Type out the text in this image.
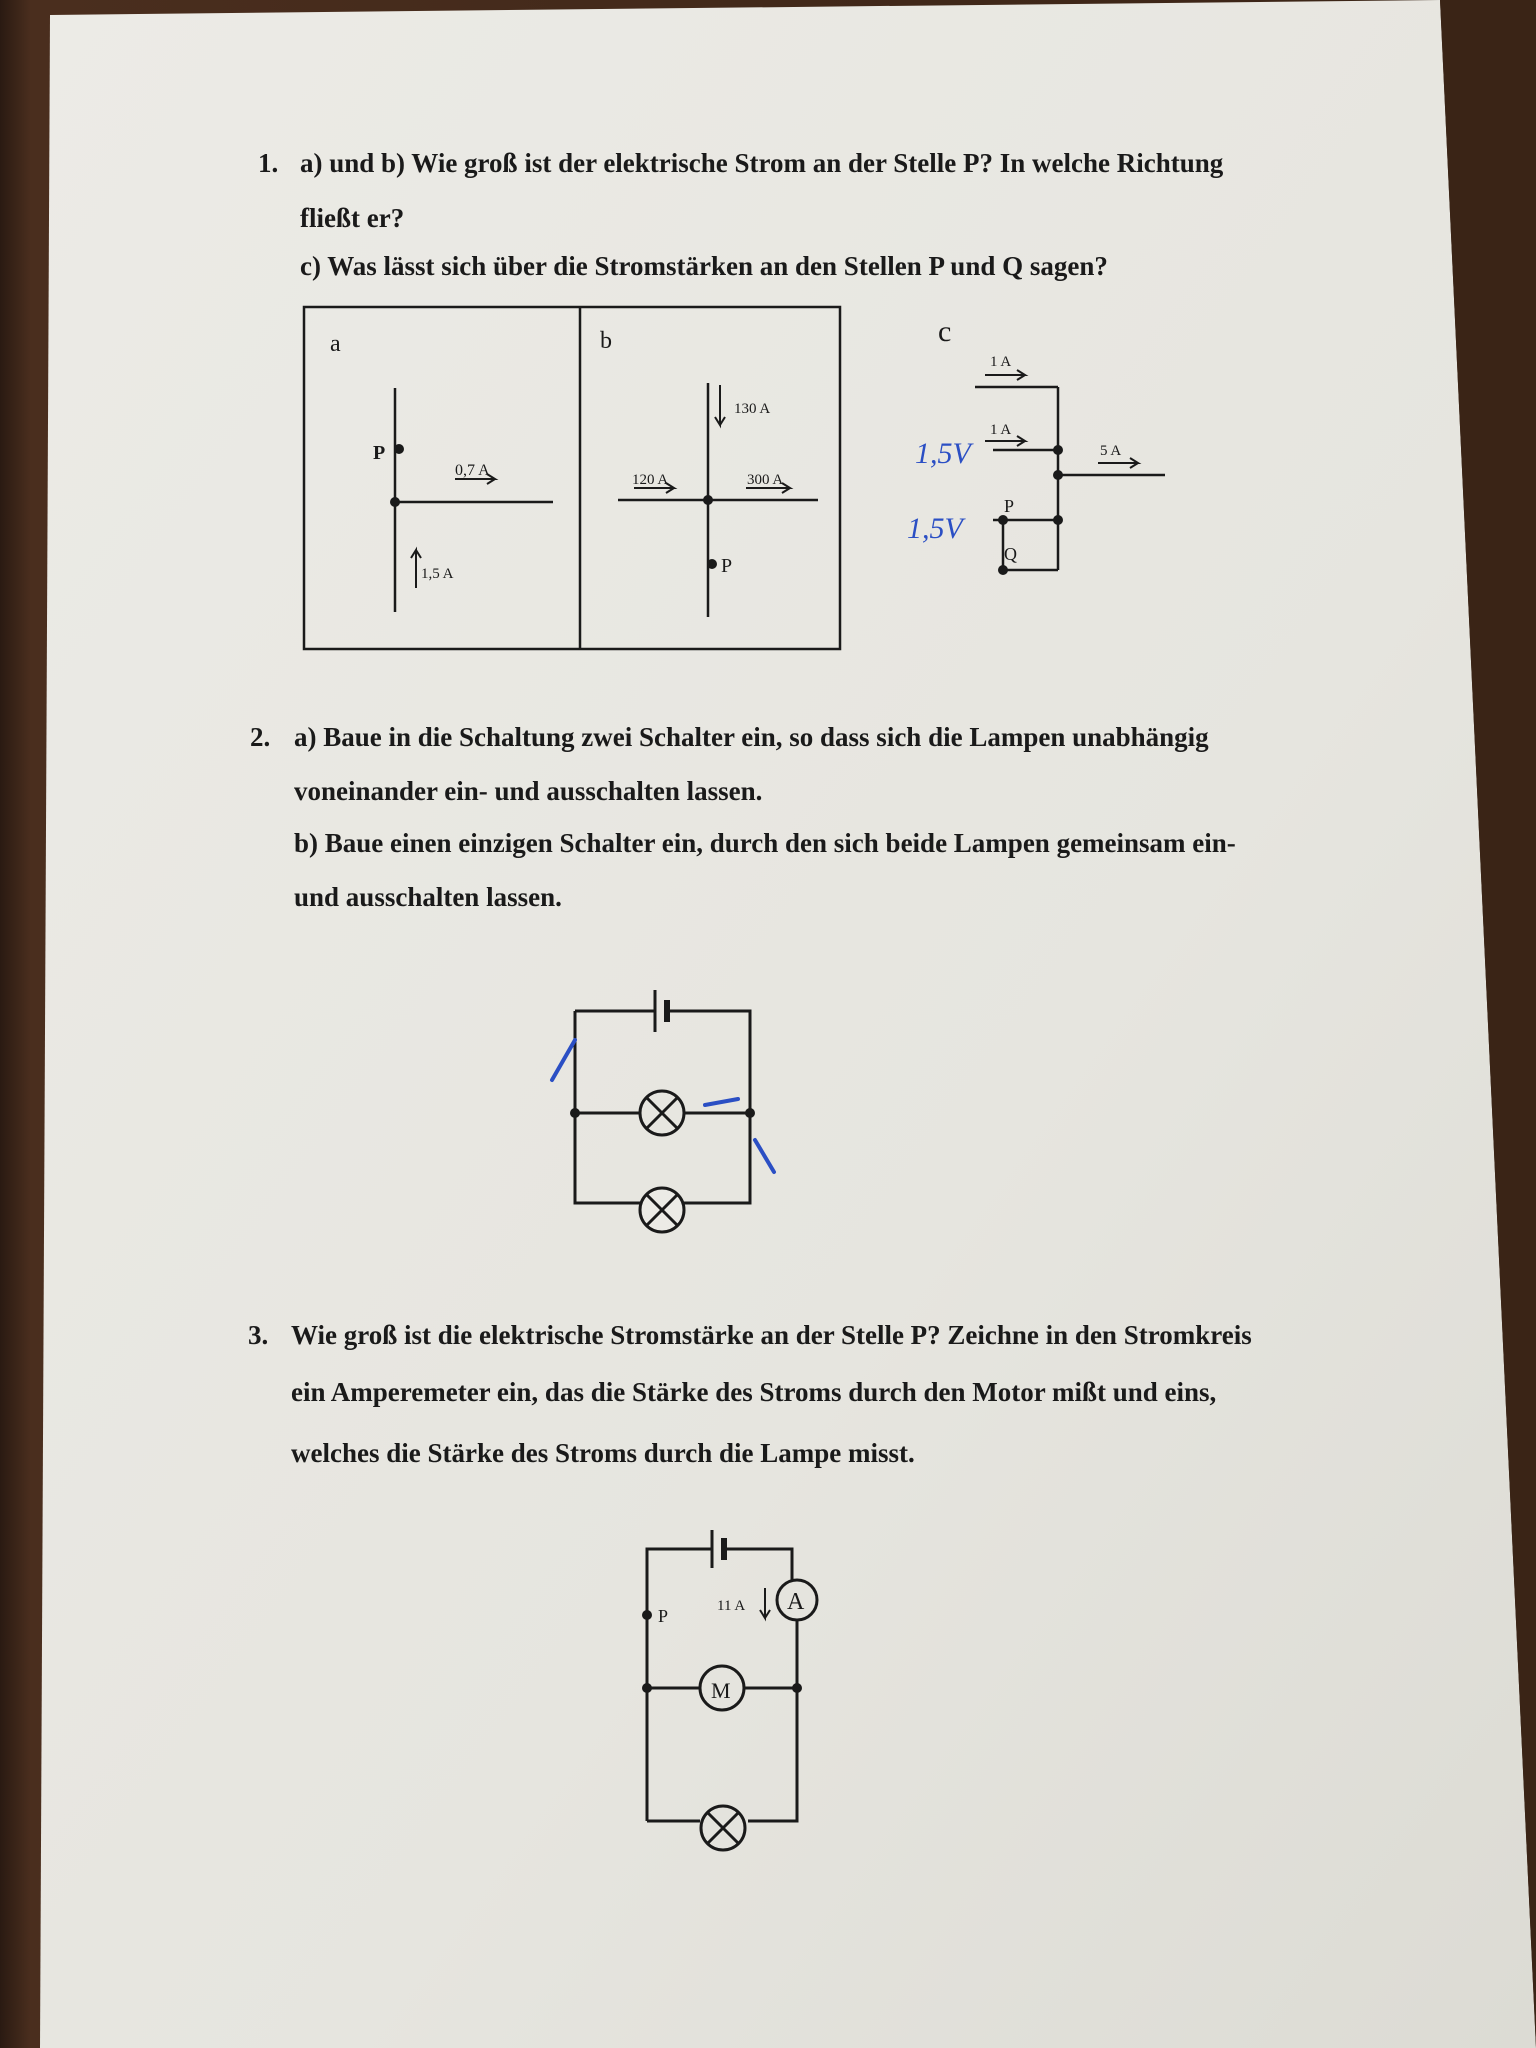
1. a) und b) Wie groß ist der elektrische Strom an der Stelle P? In welche Richtung
fließt er?
c) Was lässt sich über die Stromstärken an den Stellen P und Q sagen?
a
P
0,7 A
1,5 A
b
130 A
120 A	300 A
P
c
1 A
1 A
5 A
P
Q
1,5V
1,5V
2. a) Baue in die Schaltung zwei Schalter ein, so dass sich die Lampen unabhängig
voneinander ein- und ausschalten lassen.
b) Baue einen einzigen Schalter ein, durch den sich beide Lampen gemeinsam ein-
und ausschalten lassen.
3. Wie groß ist die elektrische Stromstärke an der Stelle P? Zeichne in den Stromkreis
ein Amperemeter ein, das die Stärke des Stroms durch den Motor mißt und eins,
welches die Stärke des Stroms durch die Lampe misst.
P	11 A A
M
